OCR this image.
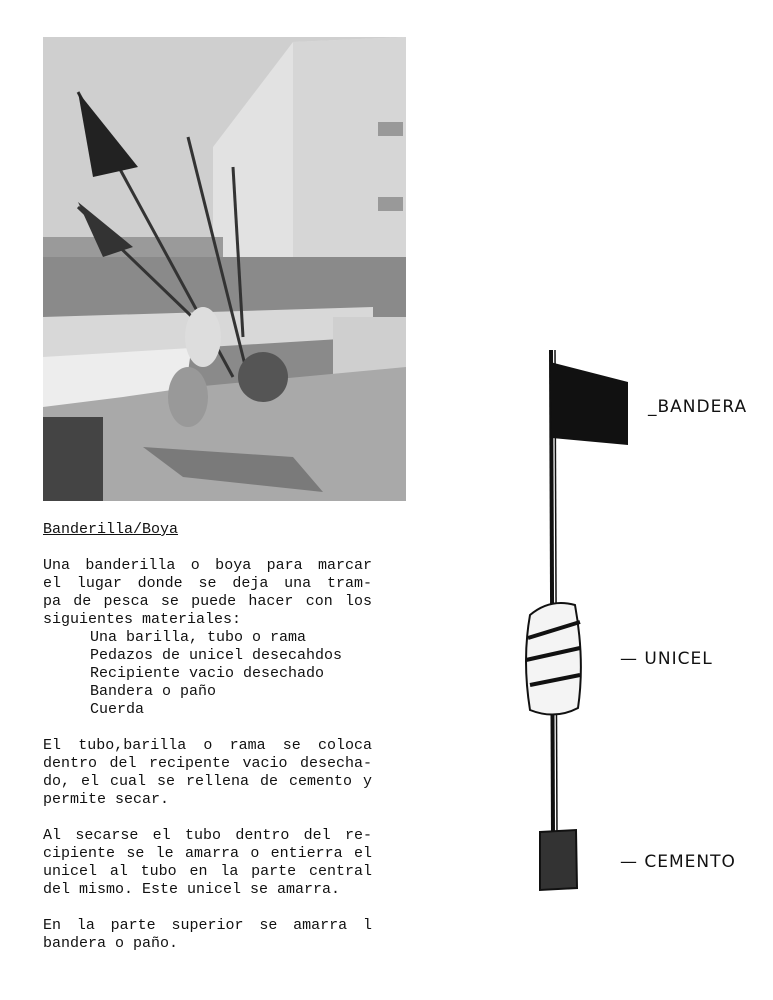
Banderilla/Boya
Una banderilla o boya para marcar
el lugar donde se deja una tram-
pa de pesca se puede hacer con los
siguientes materiales:
Una barilla, tubo o rama
Pedazos de unicel desecahdos
Recipiente vacio desechado
Bandera o paño
Cuerda
El tubo,barilla o rama se coloca
dentro del recipente vacio desecha-
do, el cual se rellena de cemento y
permite secar.
Al secarse el tubo dentro del re-
cipiente se le amarra o entierra el
unicel al tubo en la parte central
del mismo. Este unicel se amarra.
En la parte superior se amarra l
bandera o paño.
_BANDERA
— UNICEL
— CEMENTO
